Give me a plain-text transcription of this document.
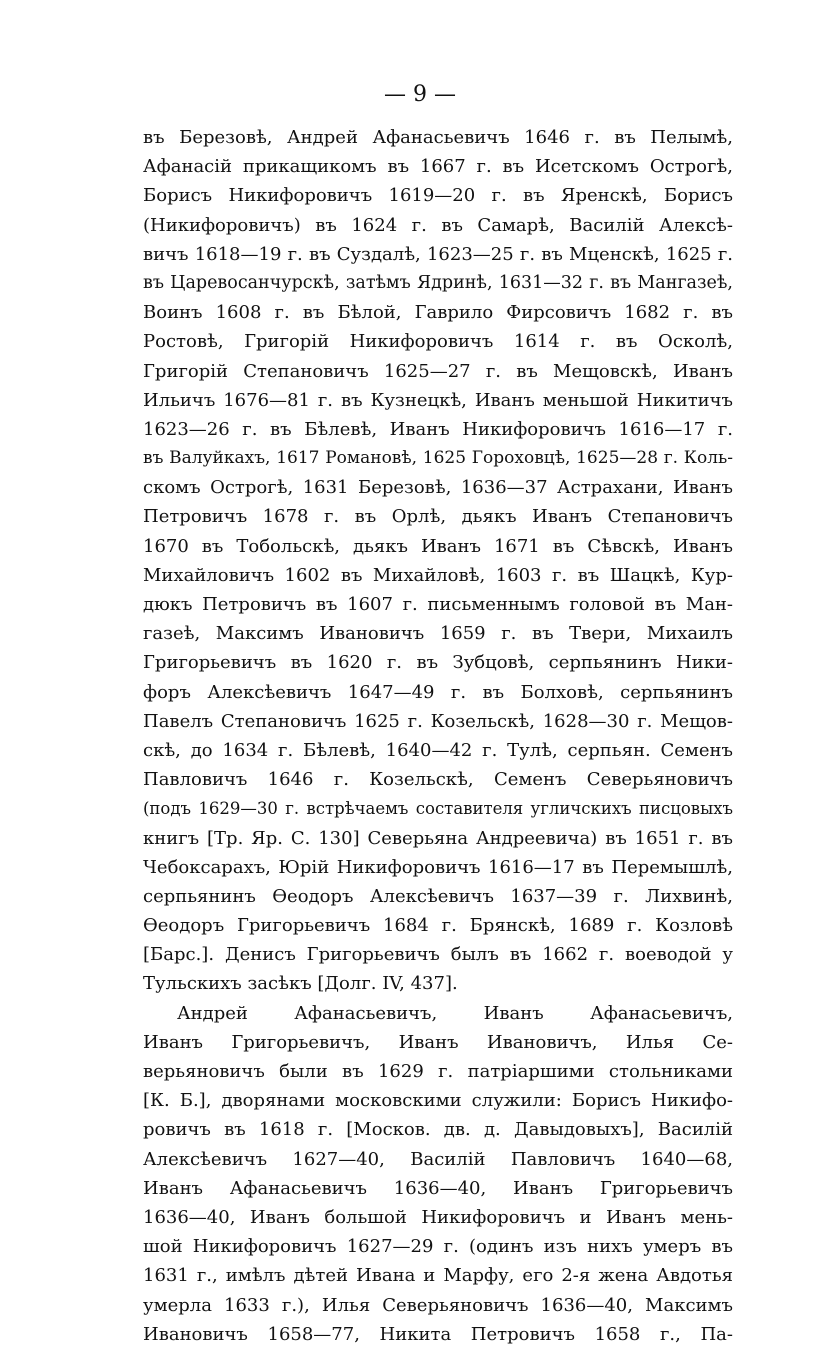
— 9 —
въ Березовѣ, Андрей Афанасьевичъ 1646 г. въ Пелымѣ,
Афанасій прикащикомъ въ 1667 г. въ Исетскомъ Острогѣ,
Борисъ Никифоровичъ 1619—20 г. въ Яренскѣ, Борисъ
(Никифоровичъ) въ 1624 г. въ Самарѣ, Василій Алексѣ-
вичъ 1618—19 г. въ Суздалѣ, 1623—25 г. въ Мценскѣ, 1625 г.
въ Царевосанчурскѣ, затѣмъ Ядринѣ, 1631—32 г. въ Мангазеѣ,
Воинъ 1608 г. въ Бѣлой, Гаврило Фирсовичъ 1682 г. въ
Ростовѣ, Григорій Никифоровичъ 1614 г. въ Осколѣ,
Григорій Степановичъ 1625—27 г. въ Мещовскѣ, Иванъ
Ильичъ 1676—81 г. въ Кузнецкѣ, Иванъ меньшой Никитичъ
1623—26 г. въ Бѣлевѣ, Иванъ Никифоровичъ 1616—17 г.
въ Валуйкахъ, 1617 Романовѣ, 1625 Гороховцѣ, 1625—28 г. Коль-
скомъ Острогѣ, 1631 Березовѣ, 1636—37 Астрахани, Иванъ
Петровичъ 1678 г. въ Орлѣ, дьякъ Иванъ Степановичъ
1670 въ Тобольскѣ, дьякъ Иванъ 1671 въ Сѣвскѣ, Иванъ
Михайловичъ 1602 въ Михайловѣ, 1603 г. въ Шацкѣ, Кур-
дюкъ Петровичъ въ 1607 г. письменнымъ головой въ Ман-
газеѣ, Максимъ Ивановичъ 1659 г. въ Твери, Михаилъ
Григорьевичъ въ 1620 г. въ Зубцовѣ, серпьянинъ Ники-
форъ Алексѣевичъ 1647—49 г. въ Болховѣ, серпьянинъ
Павелъ Степановичъ 1625 г. Козельскѣ, 1628—30 г. Мещов-
скѣ, до 1634 г. Бѣлевѣ, 1640—42 г. Тулѣ, серпьян. Семенъ
Павловичъ 1646 г. Козельскѣ, Семенъ Северьяновичъ
(подъ 1629—30 г. встрѣчаемъ составителя угличскихъ писцовыхъ
книгъ [Тр. Яр. С. 130] Северьяна Андреевича) въ 1651 г. въ
Чебоксарахъ, Юрій Никифоровичъ 1616—17 въ Перемышлѣ,
серпьянинъ Ѳеодоръ Алексѣевичъ 1637—39 г. Лихвинѣ,
Ѳеодоръ Григорьевичъ 1684 г. Брянскѣ, 1689 г. Козловѣ
[Барс.]. Денисъ Григорьевичъ былъ въ 1662 г. воеводой у
Тульскихъ засѣкъ [Долг. IV, 437].
Андрей Афанасьевичъ, Иванъ Афанасьевичъ,
Иванъ Григорьевичъ, Иванъ Ивановичъ, Илья Се-
верьяновичъ были въ 1629 г. патріаршими стольниками
[К. Б.], дворянами московскими служили: Борисъ Никифо-
ровичъ въ 1618 г. [Москов. дв. д. Давыдовыхъ], Василій
Алексѣевичъ 1627—40, Василій Павловичъ 1640—68,
Иванъ Афанасьевичъ 1636—40, Иванъ Григорьевичъ
1636—40, Иванъ большой Никифоровичъ и Иванъ мень-
шой Никифоровичъ 1627—29 г. (одинъ изъ нихъ умеръ въ
1631 г., имѣлъ дѣтей Ивана и Марфу, его 2-я жена Авдотья
умерла 1633 г.), Илья Северьяновичъ 1636—40, Максимъ
Ивановичъ 1658—77, Никита Петровичъ 1658 г., Па-
